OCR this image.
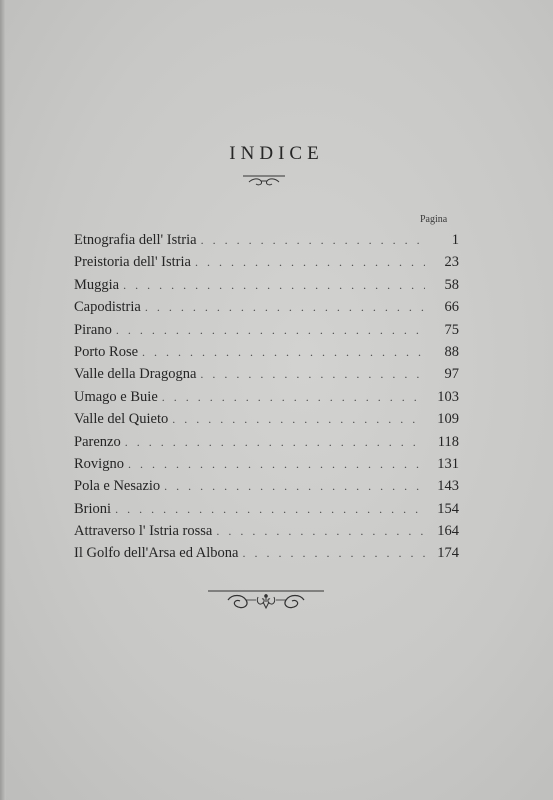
INDICE
Pagina
Etnografia dell' Istria . . .	1
Preistoria dell' Istria . . .	23
Muggia . . .	58
Capodistria . . .	66
Pirano . . .	75
Porto Rose . . .	88
Valle della Dragogna . . .	97
Umago e Buie . . .	103
Valle del Quieto . . .	109
Parenzo . . .	118
Rovigno . . .	131
Pola e Nesazio . . .	143
Brioni . . .	154
Attraverso l' Istria rossa . . .	164
Il Golfo dell'Arsa ed Albona . . .	174
